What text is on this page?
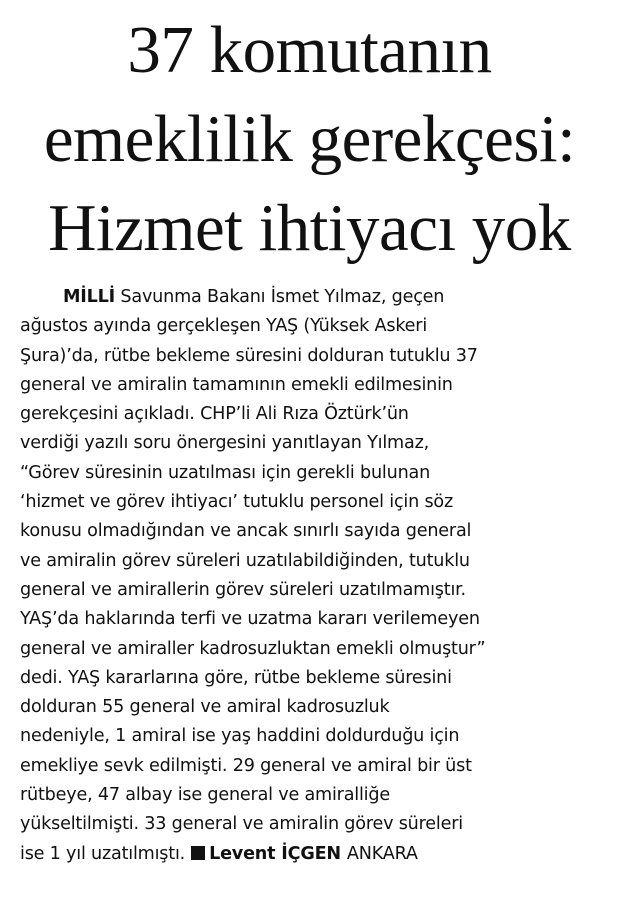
37 komutanın
emeklilik gerekçesi:
Hizmet ihtiyacı yok
MİLLİ Savunma Bakanı İsmet Yılmaz, geçen
ağustos ayında gerçekleşen YAŞ (Yüksek Askeri
Şura)’da, rütbe bekleme süresini dolduran tutuklu 37
general ve amiralin tamamının emekli edilmesinin
gerekçesini açıkladı. CHP’li Ali Rıza Öztürk’ün
verdiği yazılı soru önergesini yanıtlayan Yılmaz,
“Görev süresinin uzatılması için gerekli bulunan
‘hizmet ve görev ihtiyacı’ tutuklu personel için söz
konusu olmadığından ve ancak sınırlı sayıda general
ve amiralin görev süreleri uzatılabildiğinden, tutuklu
general ve amirallerin görev süreleri uzatılmamıştır.
YAŞ’da haklarında terfi ve uzatma kararı verilemeyen
general ve amiraller kadrosuzluktan emekli olmuştur”
dedi. YAŞ kararlarına göre, rütbe bekleme süresini
dolduran 55 general ve amiral kadrosuzluk
nedeniyle, 1 amiral ise yaş haddini doldurduğu için
emekliye sevk edilmişti. 29 general ve amiral bir üst
rütbeye, 47 albay ise general ve amiralliğe
yükseltilmişti. 33 general ve amiralin görev süreleri
ise 1 yıl uzatılmıştı. Levent İÇGEN ANKARA
